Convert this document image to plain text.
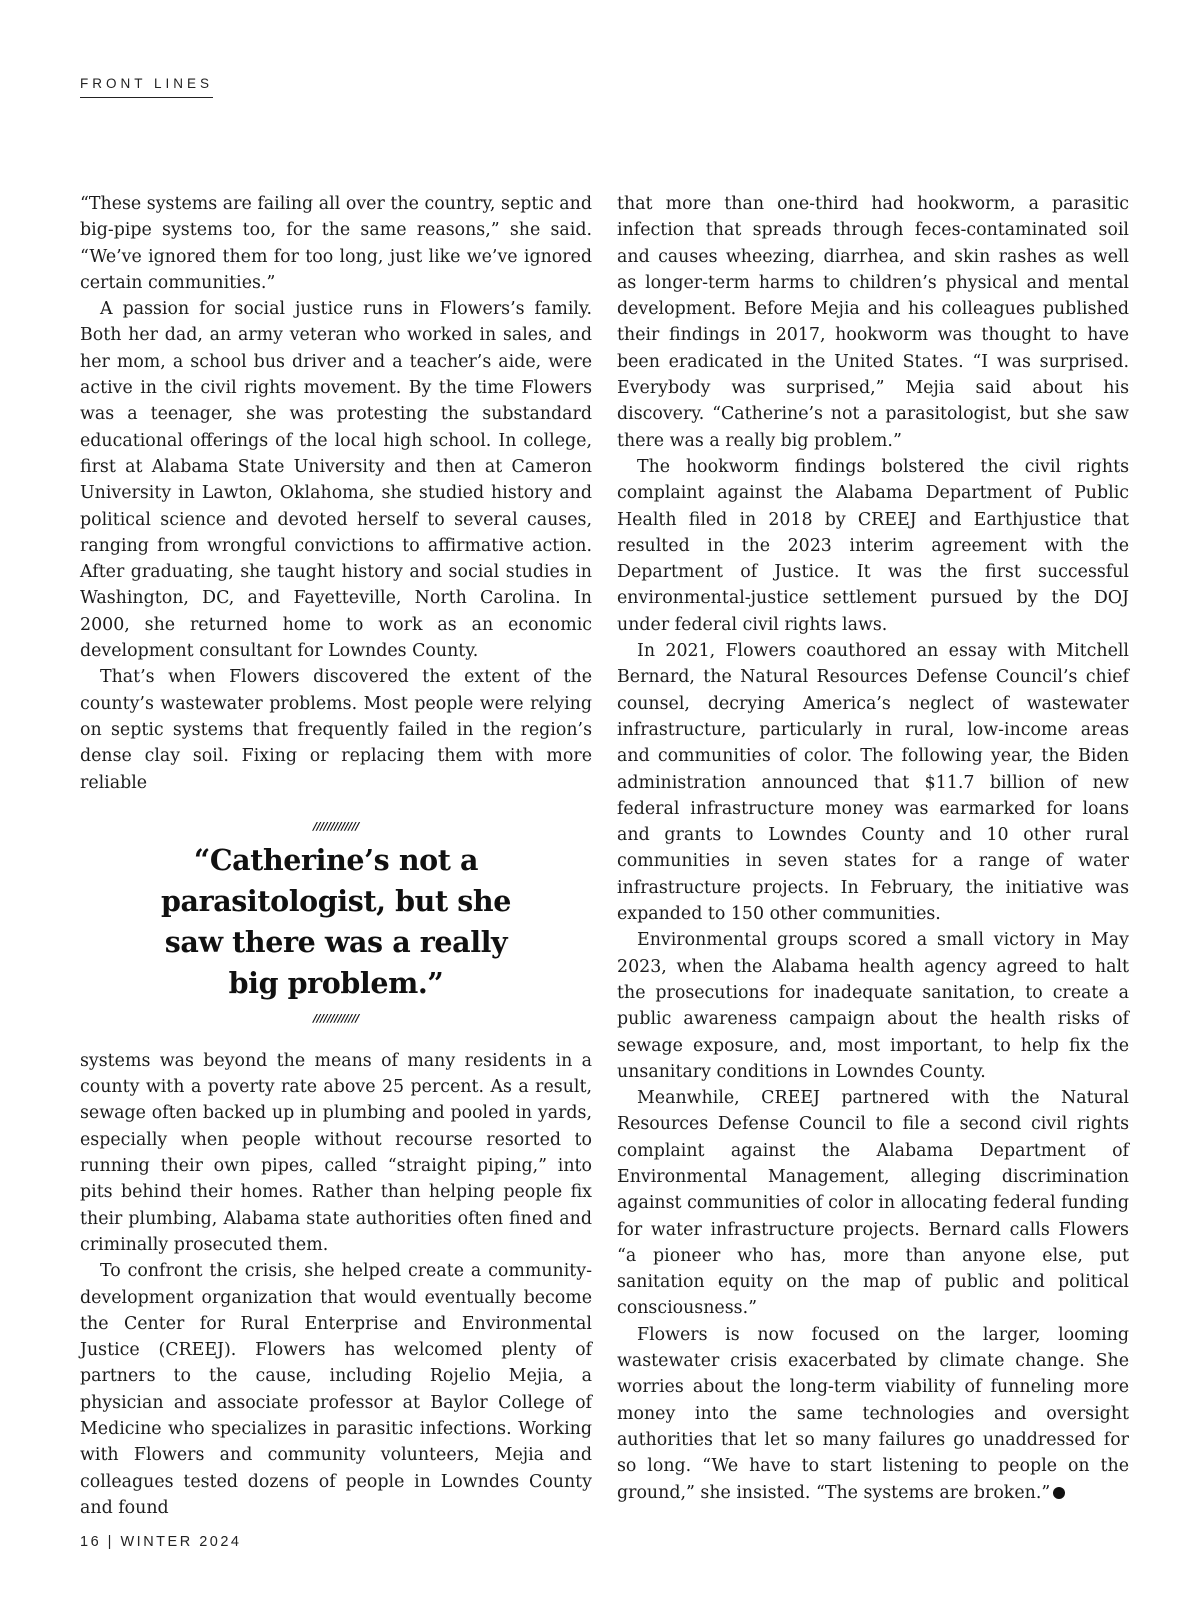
FRONT LINES

“These systems are failing all over the country, septic and big-pipe systems too, for the same reasons,” she said. “We’ve ignored them for too long, just like we’ve ignored certain communities.”

A passion for social justice runs in Flowers’s family. Both her dad, an army veteran who worked in sales, and her mom, a school bus driver and a teacher’s aide, were active in the civil rights movement. By the time Flowers was a teenager, she was protesting the substandard educational offerings of the local high school. In college, first at Alabama State University and then at Cameron University in Lawton, Oklahoma, she studied history and political science and devoted herself to several causes, ranging from wrongful convictions to affirmative action. After graduating, she taught history and social studies in Washington, DC, and Fayetteville, North Carolina. In 2000, she returned home to work as an economic development consultant for Lowndes County.

That’s when Flowers discovered the extent of the county’s wastewater problems. Most people were relying on septic systems that frequently failed in the region’s dense clay soil. Fixing or replacing them with more reliable

/////////////
“Catherine’s not a parasitologist, but she saw there was a really big problem.”
/////////////

systems was beyond the means of many residents in a county with a poverty rate above 25 percent. As a result, sewage often backed up in plumbing and pooled in yards, especially when people without recourse resorted to running their own pipes, called “straight piping,” into pits behind their homes. Rather than helping people fix their plumbing, Alabama state authorities often fined and criminally prosecuted them.

To confront the crisis, she helped create a community-development organization that would eventually become the Center for Rural Enterprise and Environmental Justice (CREEJ). Flowers has welcomed plenty of partners to the cause, including Rojelio Mejia, a physician and associate professor at Baylor College of Medicine who specializes in parasitic infections. Working with Flowers and community volunteers, Mejia and colleagues tested dozens of people in Lowndes County and found

that more than one-third had hookworm, a parasitic infection that spreads through feces-contaminated soil and causes wheezing, diarrhea, and skin rashes as well as longer-term harms to children’s physical and mental development. Before Mejia and his colleagues published their findings in 2017, hookworm was thought to have been eradicated in the United States. “I was surprised. Everybody was surprised,” Mejia said about his discovery. “Catherine’s not a parasitologist, but she saw there was a really big problem.”

The hookworm findings bolstered the civil rights complaint against the Alabama Department of Public Health filed in 2018 by CREEJ and Earthjustice that resulted in the 2023 interim agreement with the Department of Justice. It was the first successful environmental-justice settlement pursued by the DOJ under federal civil rights laws.

In 2021, Flowers coauthored an essay with Mitchell Bernard, the Natural Resources Defense Council’s chief counsel, decrying America’s neglect of wastewater infrastructure, particularly in rural, low-income areas and communities of color. The following year, the Biden administration announced that $11.7 billion of new federal infrastructure money was earmarked for loans and grants to Lowndes County and 10 other rural communities in seven states for a range of water infrastructure projects. In February, the initiative was expanded to 150 other communities.

Environmental groups scored a small victory in May 2023, when the Alabama health agency agreed to halt the prosecutions for inadequate sanitation, to create a public awareness campaign about the health risks of sewage exposure, and, most important, to help fix the unsanitary conditions in Lowndes County.

Meanwhile, CREEJ partnered with the Natural Resources Defense Council to file a second civil rights complaint against the Alabama Department of Environmental Management, alleging discrimination against communities of color in allocating federal funding for water infrastructure projects. Bernard calls Flowers “a pioneer who has, more than anyone else, put sanitation equity on the map of public and political consciousness.”

Flowers is now focused on the larger, looming wastewater crisis exacerbated by climate change. She worries about the long-term viability of funneling more money into the same technologies and oversight authorities that let so many failures go unaddressed for so long. “We have to start listening to people on the ground,” she insisted. “The systems are broken.”	s

16 | WINTER 2024
